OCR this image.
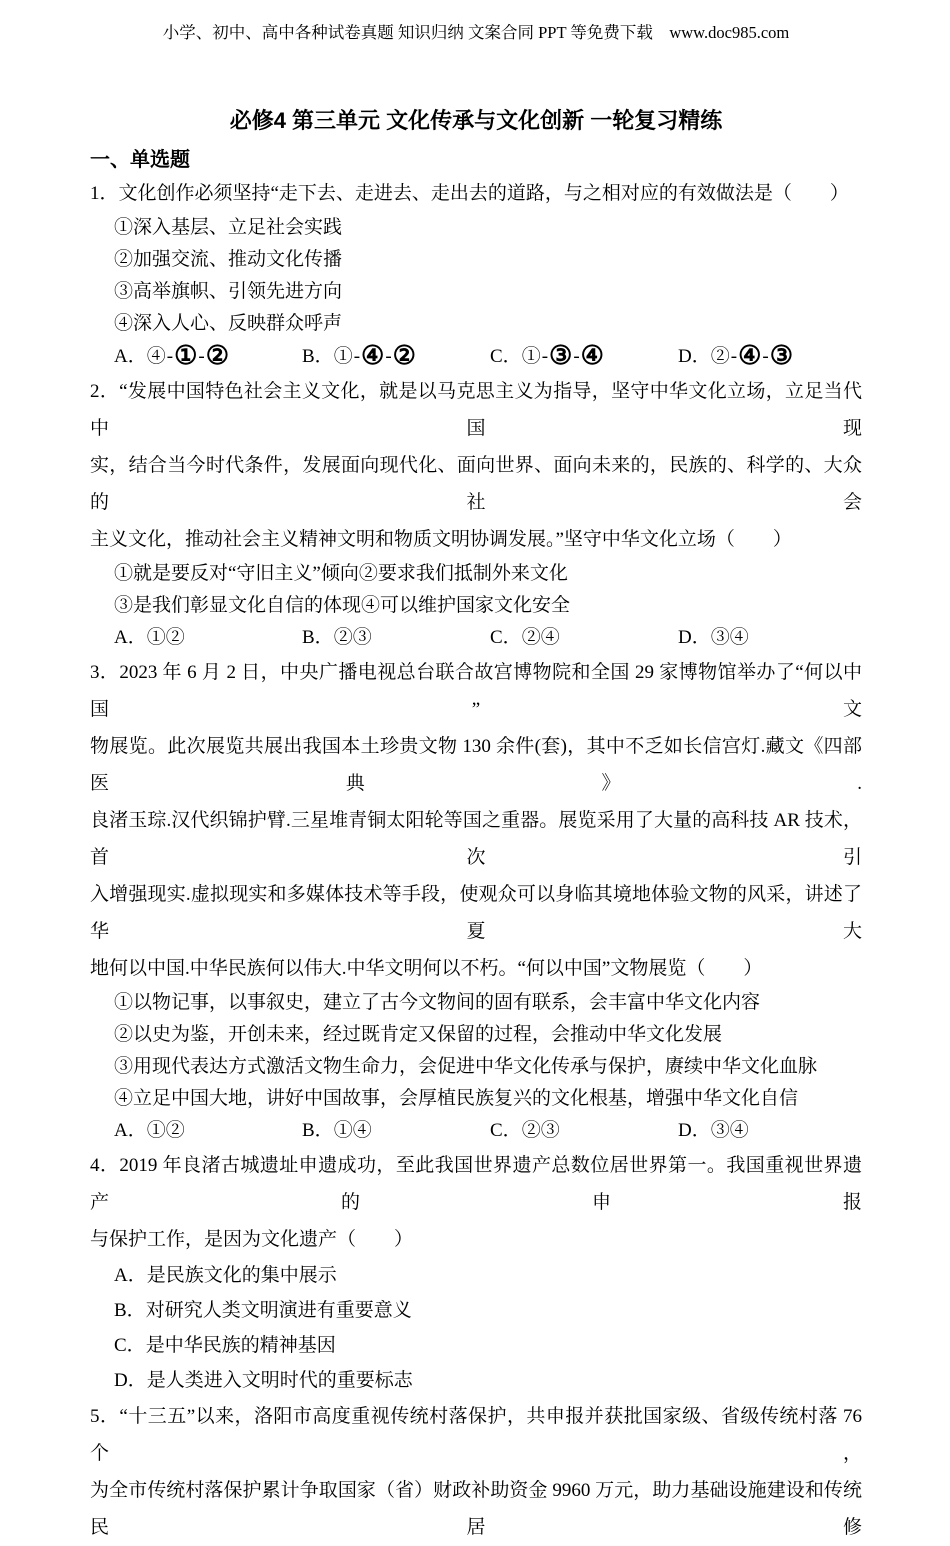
小学、初中、高中各种试卷真题 知识归纳 文案合同 PPT 等免费下载　www.doc985.com
必修4 第三单元 文化传承与文化创新 一轮复习精练
一、单选题
1．文化创作必须坚持“走下去、走进去、走出去的道路，与之相对应的有效做法是（　　）
①深入基层、立足社会实践
②加强交流、推动文化传播
③高举旗帜、引领先进方向
④深入人心、反映群众呼声
A．④-①-②	B．①-④-②	C．①-③-④	D．②-④-③
2．“发展中国特色社会主义文化，就是以马克思主义为指导，坚守中华文化立场，立足当代中国现
实，结合当今时代条件，发展面向现代化、面向世界、面向未来的，民族的、科学的、大众的社会
主义文化，推动社会主义精神文明和物质文明协调发展。”坚守中华文化立场（　　）
①就是要反对“守旧主义”倾向②要求我们抵制外来文化
③是我们彰显文化自信的体现④可以维护国家文化安全
A．①②	B．②③	C．②④	D．③④
3．2023 年 6 月 2 日，中央广播电视总台联合故宫博物院和全国 29 家博物馆举办了“何以中国”文
物展览。此次展览共展出我国本土珍贵文物 130 余件(套)，其中不乏如长信宫灯.藏文《四部医典》.
良渚玉琮.汉代织锦护臂.三星堆青铜太阳轮等国之重器。展览采用了大量的高科技 AR 技术，首次引
入增强现实.虚拟现实和多媒体技术等手段，使观众可以身临其境地体验文物的风采，讲述了华夏大
地何以中国.中华民族何以伟大.中华文明何以不朽。“何以中国”文物展览（　　）
①以物记事，以事叙史，建立了古今文物间的固有联系，会丰富中华文化内容
②以史为鉴，开创未来，经过既肯定又保留的过程，会推动中华文化发展
③用现代表达方式激活文物生命力，会促进中华文化传承与保护，赓续中华文化血脉
④立足中国大地，讲好中国故事，会厚植民族复兴的文化根基，增强中华文化自信
A．①②	B．①④	C．②③	D．③④
4．2019 年良渚古城遗址申遗成功，至此我国世界遗产总数位居世界第一。我国重视世界遗产的申报
与保护工作，是因为文化遗产（　　）
A．是民族文化的集中展示
B．对研究人类文明演进有重要意义
C．是中华民族的精神基因
D．是人类进入文明时代的重要标志
5．“十三五”以来，洛阳市高度重视传统村落保护，共申报并获批国家级、省级传统村落 76 个，
为全市传统村落保护累计争取国家（省）财政补助资金 9960 万元，助力基础设施建设和传统民居修
